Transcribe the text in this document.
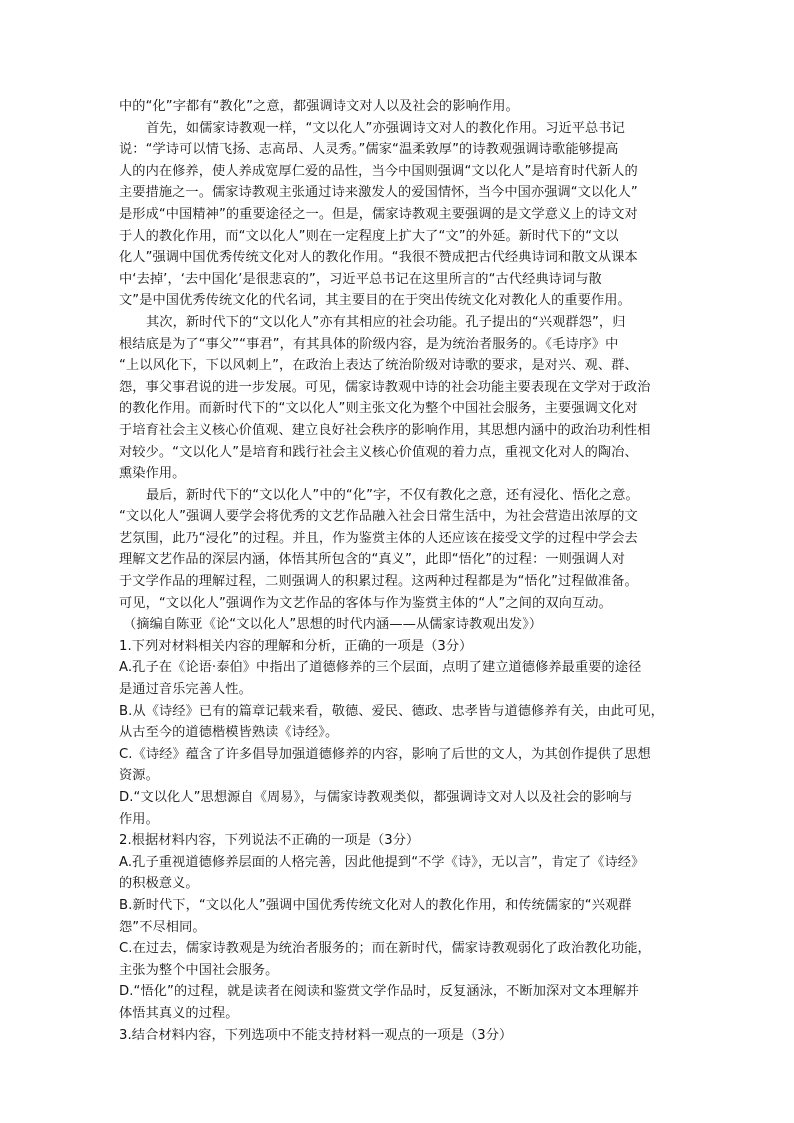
中的“化”字都有“教化”之意，都强调诗文对人以及社会的影响作用。
首先，如儒家诗教观一样，“文以化人”亦强调诗文对人的教化作用。习近平总书记
说：“学诗可以情飞扬、志高昂、人灵秀。”儒家“温柔敦厚”的诗教观强调诗歌能够提高
人的内在修养，使人养成宽厚仁爱的品性，当今中国则强调“文以化人”是培育时代新人的
主要措施之一。儒家诗教观主张通过诗来激发人的爱国情怀，当今中国亦强调“文以化人”
是形成“中国精神”的重要途径之一。但是，儒家诗教观主要强调的是文学意义上的诗文对
于人的教化作用，而“文以化人”则在一定程度上扩大了“文”的外延。新时代下的“文以
化人”强调中国优秀传统文化对人的教化作用。“我很不赞成把古代经典诗词和散文从课本
中‘去掉’，‘去中国化’是很悲哀的”，习近平总书记在这里所言的“古代经典诗词与散
文”是中国优秀传统文化的代名词，其主要目的在于突出传统文化对教化人的重要作用。
其次，新时代下的“文以化人”亦有其相应的社会功能。孔子提出的“兴观群怨”，归
根结底是为了“事父”“事君”，有其具体的阶级内容，是为统治者服务的。《毛诗序》中
“上以风化下，下以风刺上”，在政治上表达了统治阶级对诗歌的要求，是对兴、观、群、
怨，事父事君说的进一步发展。可见，儒家诗教观中诗的社会功能主要表现在文学对于政治
的教化作用。而新时代下的“文以化人”则主张文化为整个中国社会服务，主要强调文化对
于培育社会主义核心价值观、建立良好社会秩序的影响作用，其思想内涵中的政治功利性相
对较少。“文以化人”是培育和践行社会主义核心价值观的着力点，重视文化对人的陶冶、
熏染作用。
最后，新时代下的“文以化人”中的“化”字，不仅有教化之意，还有浸化、悟化之意。
“文以化人”强调人要学会将优秀的文艺作品融入社会日常生活中，为社会营造出浓厚的文
艺氛围，此乃“浸化”的过程。并且，作为鉴赏主体的人还应该在接受文学的过程中学会去
理解文艺作品的深层内涵，体悟其所包含的“真义”，此即“悟化”的过程：一则强调人对
于文学作品的理解过程，二则强调人的积累过程。这两种过程都是为“悟化”过程做准备。
可见，“文以化人”强调作为文艺作品的客体与作为鉴赏主体的“人”之间的双向互动。
（摘编自陈亚《论“文以化人”思想的时代内涵——从儒家诗教观出发》）
1.下列对材料相关内容的理解和分析，正确的一项是（3分）
A.孔子在《论语·泰伯》中指出了道德修养的三个层面，点明了建立道德修养最重要的途径
是通过音乐完善人性。
B.从《诗经》已有的篇章记载来看，敬德、爱民、德政、忠孝皆与道德修养有关，由此可见，
从古至今的道德楷模皆熟读《诗经》。
C.《诗经》蕴含了许多倡导加强道德修养的内容，影响了后世的文人，为其创作提供了思想
资源。
D.“文以化人”思想源自《周易》，与儒家诗教观类似，都强调诗文对人以及社会的影响与
作用。
2.根据材料内容，下列说法不正确的一项是（3分）
A.孔子重视道德修养层面的人格完善，因此他提到“不学《诗》，无以言”，肯定了《诗经》
的积极意义。
B.新时代下，“文以化人”强调中国优秀传统文化对人的教化作用，和传统儒家的“兴观群
怨”不尽相同。
C.在过去，儒家诗教观是为统治者服务的；而在新时代，儒家诗教观弱化了政治教化功能，
主张为整个中国社会服务。
D.“悟化”的过程，就是读者在阅读和鉴赏文学作品时，反复涵泳，不断加深对文本理解并
体悟其真义的过程。
3.结合材料内容，下列选项中不能支持材料一观点的一项是（3分）
